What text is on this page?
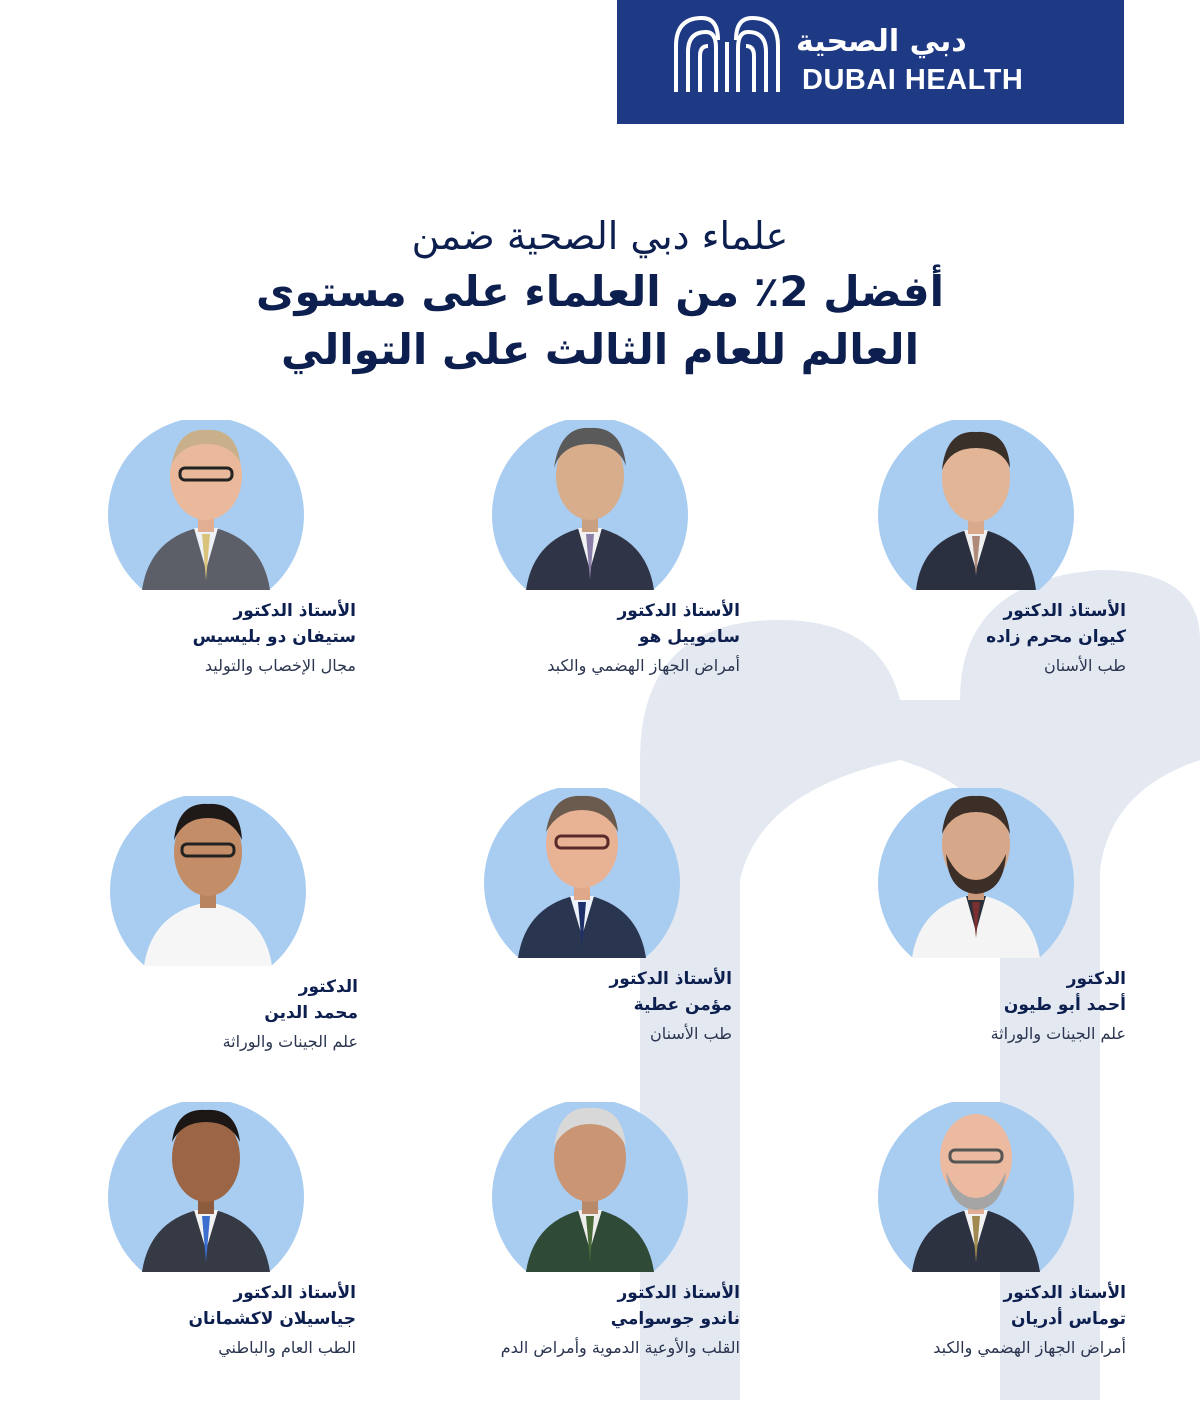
دبي الصحية
DUBAI HEALTH

علماء دبي الصحية ضمن

أفضل 2٪ من العلماء على مستوى

العالم للعام الثالث على التوالي

الأستاذ الدكتور
كيوان محرم زاده
طب الأسنان
الأستاذ الدكتور
ساموييل هو
أمراض الجهاز الهضمي والكبد
الأستاذ الدكتور
ستيفان دو بليسيس
مجال الإخصاب والتوليد
الدكتور
أحمد أبو طيون
علم الجينات والوراثة
الأستاذ الدكتور
مؤمن عطية
طب الأسنان
الدكتور
محمد الدين
علم الجينات والوراثة
الأستاذ الدكتور
توماس أدريان
أمراض الجهاز الهضمي والكبد
الأستاذ الدكتور
ناندو جوسوامي
القلب والأوعية الدموية وأمراض الدم
الأستاذ الدكتور
جياسيلان لاكشمانان
الطب العام والباطني
